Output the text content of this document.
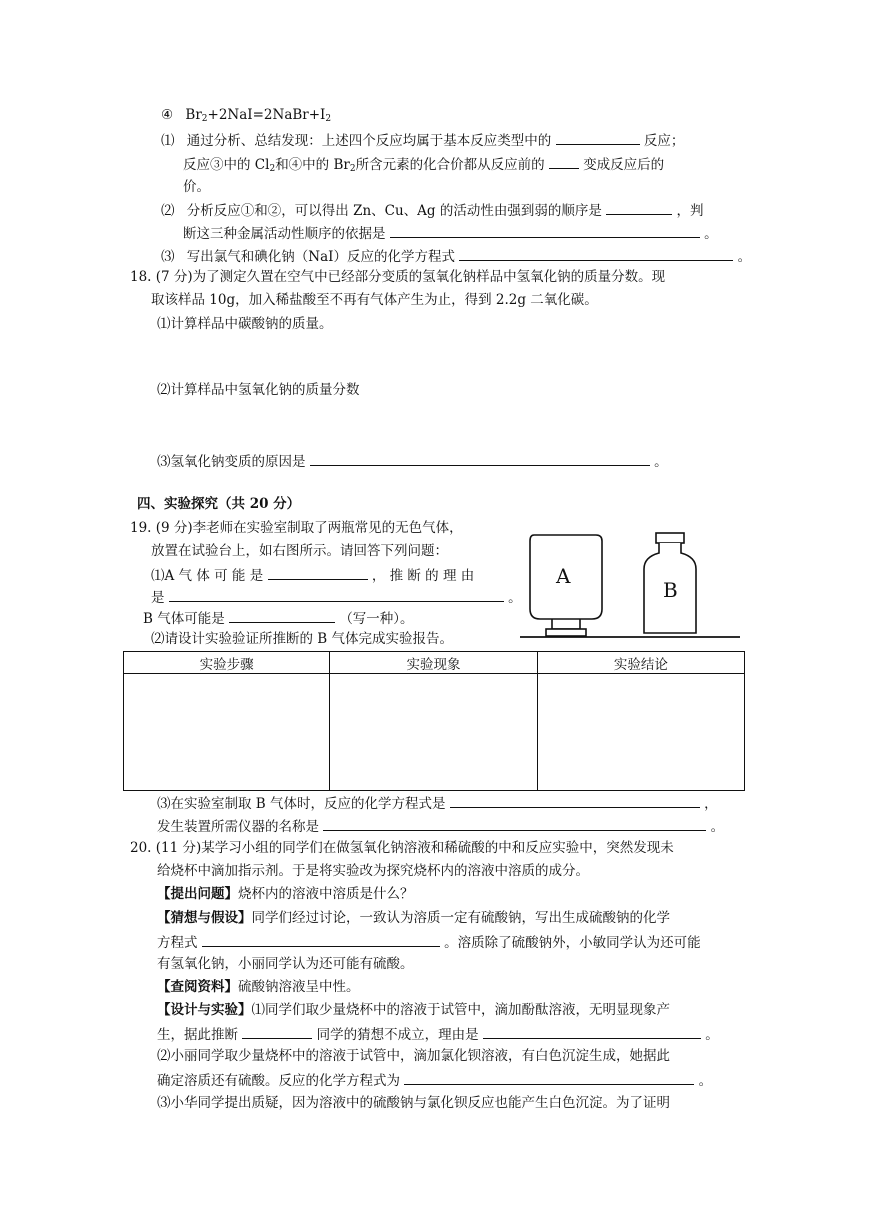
④ $Br_2+2NaI=2NaBr+I_2$
⑴ 通过分析、总结发现：上述四个反应均属于基本反应类型中的	反应；
反应③中的 $Cl_2$和④中的 $Br_2$所含元素的化合价都从反应前的	变成反应后的
价。
⑵ 分析反应①和②，可以得出 Zn、Cu、Ag 的活动性由强到弱的顺序是	，判
断这三种金属活动性顺序的依据是	。
⑶ 写出氯气和碘化钠（NaI）反应的化学方程式	。
18. (7 分)为了测定久置在空气中已经部分变质的氢氧化钠样品中氢氧化钠的质量分数。现
取该样品 10g，加入稀盐酸至不再有气体产生为止，得到 2.2g 二氧化碳。
⑴计算样品中碳酸钠的质量。
⑵计算样品中氢氧化钠的质量分数
⑶氢氧化钠变质的原因是	。
四、实验探究（共 20 分）
19. (9 分)李老师在实验室制取了两瓶常见的无色气体，
放置在试验台上，如右图所示。请回答下列问题：
⑴A 气 体 可 能 是	， 推 断 的 理 由
是	。
B 气体可能是	（写一种）。
⑵请设计实验验证所推断的 B 气体完成实验报告。
A
B
实验步骤	实验现象	实验结论

⑶在实验室制取 B 气体时，反应的化学方程式是	，
发生装置所需仪器的名称是	。
20. (11 分)某学习小组的同学们在做氢氧化钠溶液和稀硫酸的中和反应实验中，突然发现未
给烧杯中滴加指示剂。于是将实验改为探究烧杯内的溶液中溶质的成分。
【提出问题】烧杯内的溶液中溶质是什么？
【猜想与假设】同学们经过讨论，一致认为溶质一定有硫酸钠，写出生成硫酸钠的化学
方程式	。溶质除了硫酸钠外，小敏同学认为还可能
有氢氧化钠，小丽同学认为还可能有硫酸。
【查阅资料】硫酸钠溶液呈中性。
【设计与实验】⑴同学们取少量烧杯中的溶液于试管中，滴加酚酞溶液，无明显现象产
生，据此推断	同学的猜想不成立，理由是	。
⑵小丽同学取少量烧杯中的溶液于试管中，滴加氯化钡溶液，有白色沉淀生成，她据此
确定溶质还有硫酸。反应的化学方程式为	。
⑶小华同学提出质疑，因为溶液中的硫酸钠与氯化钡反应也能产生白色沉淀。为了证明
